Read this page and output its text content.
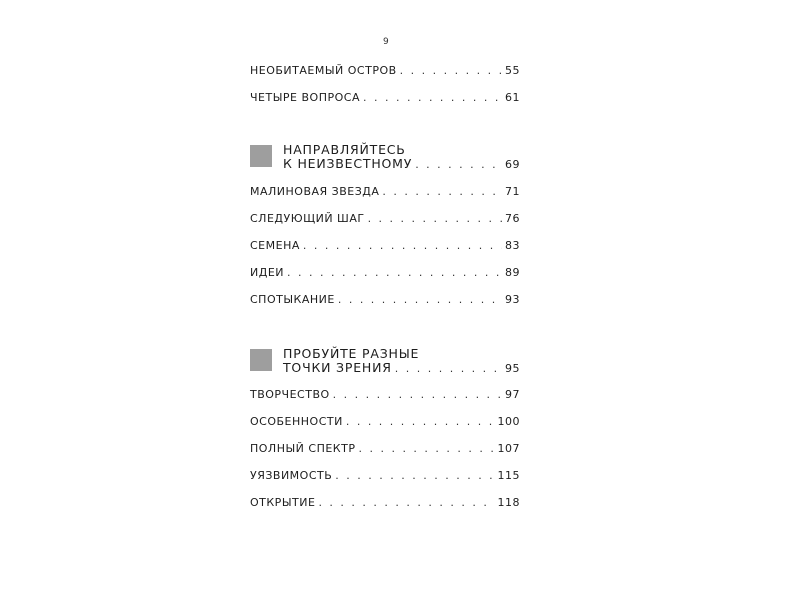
9
НЕОБИТАЕМЫЙ ОСТРОВ . . .	55
ЧЕТЫРЕ ВОПРОСА . . .	61
НАПРАВЛЯЙТЕСЬ
К НЕИЗВЕСТНОМУ . . .	69
МАЛИНОВАЯ ЗВЕЗДА . . .	71
СЛЕДУЮЩИЙ ШАГ . . .	76
СЕМЕНА . . .	83
ИДЕИ . . .	89
СПОТЫКАНИЕ . . .	93
ПРОБУЙТЕ РАЗНЫЕ
ТОЧКИ ЗРЕНИЯ . . .	95
ТВОРЧЕСТВО . . .	97
ОСОБЕННОСТИ . . .	100
ПОЛНЫЙ СПЕКТР . . .	107
УЯЗВИМОСТЬ . . .	115
ОТКРЫТИЕ . . .	118
